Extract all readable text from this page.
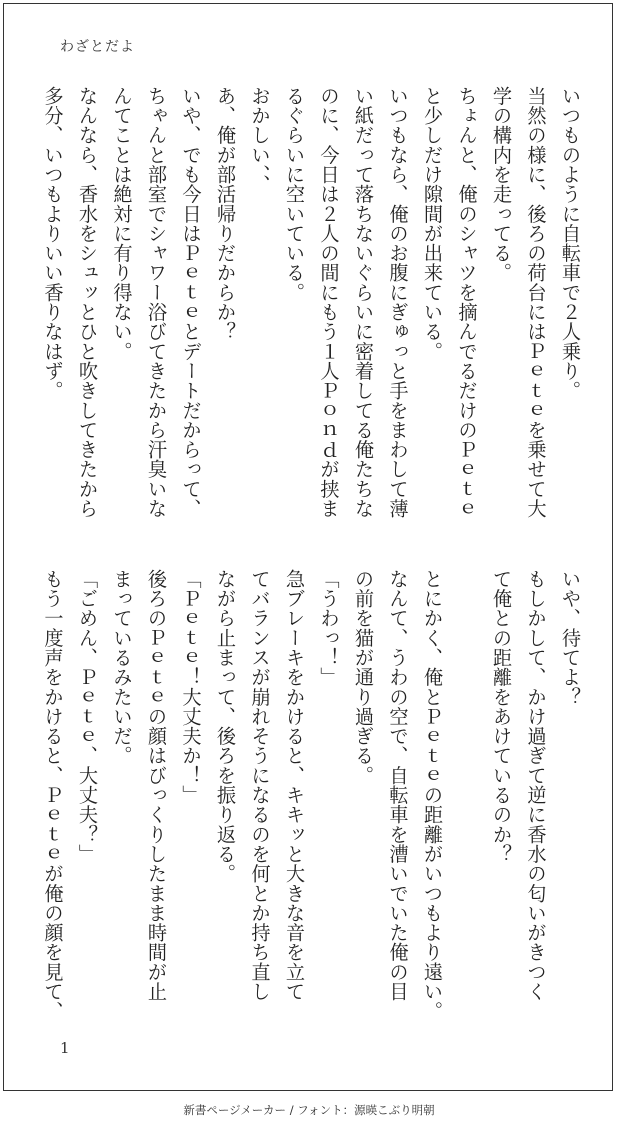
わざとだよ
いつものように自転車で２人乗り。
当然の様に、後ろの荷台にはＰｅｔｅを乗せて大
学の構内を走ってる。
ちょんと、俺のシャツを摘んでるだけのＰｅｔｅ
と少しだけ隙間が出来ている。
いつもなら、俺のお腹にぎゅっと手をまわして薄
い紙だって落ちないぐらいに密着してる俺たちな
のに、今日は２人の間にもう１人Ｐｏｎｄが挟ま
るぐらいに空いている。
おかしい、、
あ、俺が部活帰りだからか？
いや、でも今日はＰｅｔｅとデートだからって、
ちゃんと部室でシャワー浴びてきたから汗臭いな
んてことは絶対に有り得ない。
なんなら、香水をシュッとひと吹きしてきたから
多分、いつもよりいい香りなはず。
いや、待てよ？
もしかして、かけ過ぎて逆に香水の匂いがきつく
て俺との距離をあけているのか？

とにかく、俺とＰｅｔｅの距離がいつもより遠い。
なんて、うわの空で、自転車を漕いでいた俺の目
の前を猫が通り過ぎる。
「うわっ！」
急ブレーキをかけると、キキッと大きな音を立て
てバランスが崩れそうになるのを何とか持ち直し
ながら止まって、後ろを振り返る。
「Ｐｅｔｅ！大丈夫か！」
後ろのＰｅｔｅの顔はびっくりしたまま時間が止
まっているみたいだ。
「ごめん、Ｐｅｔｅ、大丈夫？」
もう一度声をかけると、Ｐｅｔｅが俺の顔を見て、
1
新書ページメーカー / フォント：源暎こぶり明朝
